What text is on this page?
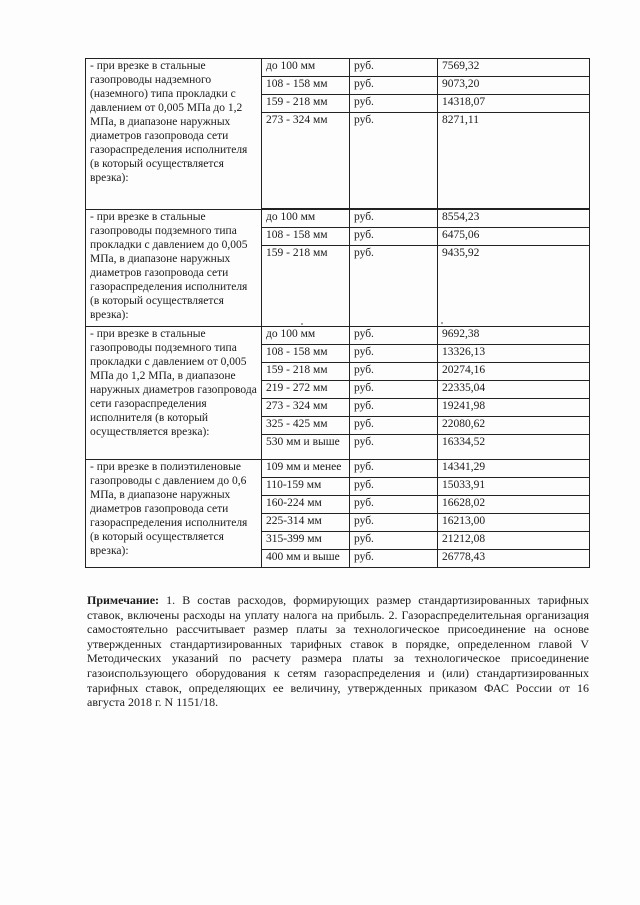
- при врезке в стальные газопроводы надземного (наземного) типа прокладки с давлением от 0,005 МПа до 1,2 МПа, в диапазоне наружных диаметров газопровода сети газораспределения исполнителя (в который осуществляется врезка):	до 100 мм	руб.	7569,32
	108 - 158 мм	руб.	9073,20
	159 - 218 мм	руб.	14318,07
	273 - 324 мм	руб.	8271,11

- при врезке в стальные газопроводы подземного типа прокладки с давлением до 0,005 МПа, в диапазоне наружных диаметров газопровода сети газораспределения исполнителя (в который осуществляется врезка):	до 100 мм	руб.	8554,23
	108 - 158 мм	руб.	6475,06
	159 - 218 мм	руб.	9435,92
- при врезке в стальные газопроводы подземного типа прокладки с давлением от 0,005 МПа до 1,2 МПа, в диапазоне наружных диаметров газопровода сети газораспределения исполнителя (в который осуществляется врезка):	до 100 мм	руб.	9692,38
	108 - 158 мм	руб.	13326,13
	159 - 218 мм	руб.	20274,16
	219 - 272 мм	руб.	22335,04
	273 - 324 мм	руб.	19241,98
	325 - 425 мм	руб.	22080,62
	530 мм и выше	руб.	16334,52
- при врезке в полиэтиленовые газопроводы с давлением до 0,6 МПа, в диапазоне наружных диаметров газопровода сети газораспределения исполнителя (в который осуществляется врезка):	109 мм и менее	руб.	14341,29
	110-159 мм	руб.	15033,91
	160-224 мм	руб.	16628,02
	225-314 мм	руб.	16213,00
	315-399 мм	руб.	21212,08
	400 мм и выше	руб.	26778,43
Примечание: 1. В состав расходов, формирующих размер стандартизированных тарифных ставок, включены расходы на уплату налога на прибыль. 2. Газораспределительная организация самостоятельно рассчитывает размер платы за технологическое присоединение на основе утвержденных стандартизированных тарифных ставок в порядке, определенном главой V Методических указаний по расчету размера платы за технологическое присоединение газоиспользующего оборудования к сетям газораспределения и (или) стандартизированных тарифных ставок, определяющих ее величину, утвержденных приказом ФАС России от 16 августа 2018 г. N 1151/18.
